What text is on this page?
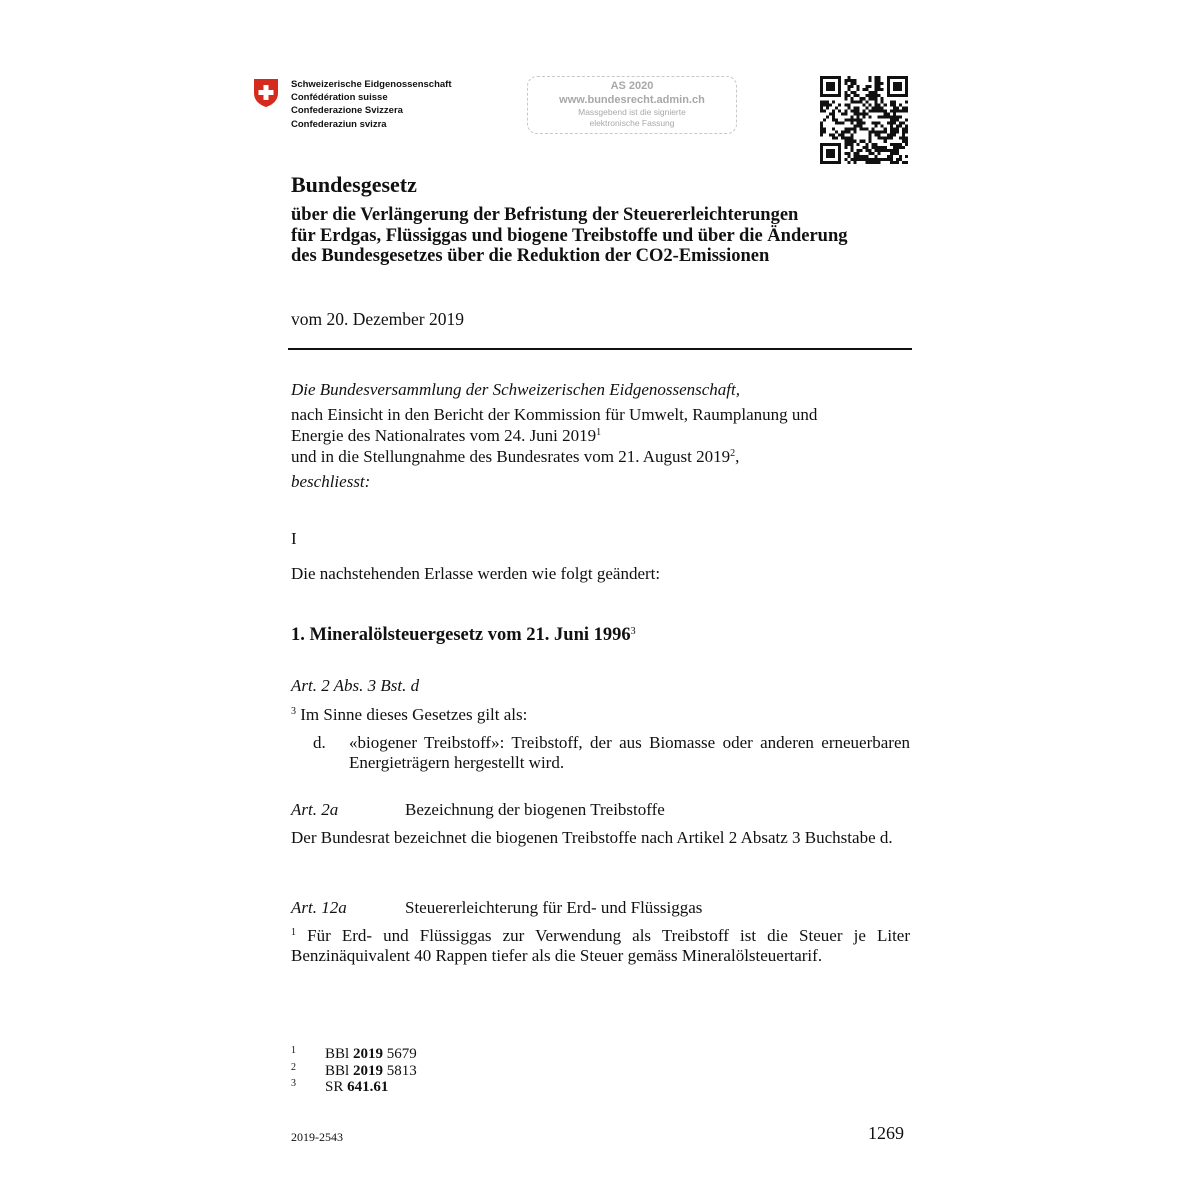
Schweizerische Eidgenossenschaft
Confédération suisse
Confederazione Svizzera
Confederaziun svizra
AS 2020
www.bundesrecht.admin.ch
Massgebend ist die signierte
elektronische Fassung
Bundesgesetz
über die Verlängerung der Befristung der Steuererleichterungen
für Erdgas, Flüssiggas und biogene Treibstoffe und über die Änderung
des Bundesgesetzes über die Reduktion der CO2-Emissionen
vom 20. Dezember 2019
Die Bundesversammlung der Schweizerischen Eidgenossenschaft,
nach Einsicht in den Bericht der Kommission für Umwelt, Raumplanung und
Energie des Nationalrates vom 24. Juni 2019$^1$
und in die Stellungnahme des Bundesrates vom 21. August 2019$^2$,
beschliesst:
I
Die nachstehenden Erlasse werden wie folgt geändert:
1. Mineralölsteuergesetz vom 21. Juni 1996$^3$
Art. 2 Abs. 3 Bst. d
$^3$ Im Sinne dieses Gesetzes gilt als:
d. «biogener Treibstoff»: Treibstoff, der aus Biomasse oder anderen erneuerbaren Energieträgern hergestellt wird.
Art. 2a	Bezeichnung der biogenen Treibstoffe
Der Bundesrat bezeichnet die biogenen Treibstoffe nach Artikel 2 Absatz 3 Buchstabe d.
Art. 12a	Steuererleichterung für Erd- und Flüssiggas
$^1$ Für Erd- und Flüssiggas zur Verwendung als Treibstoff ist die Steuer je Liter Benzinäquivalent 40 Rappen tiefer als die Steuer gemäss Mineralölsteuertarif.
1 BBl 2019 5679
2 BBl 2019 5813
3 SR 641.61
2019-2543	1269
